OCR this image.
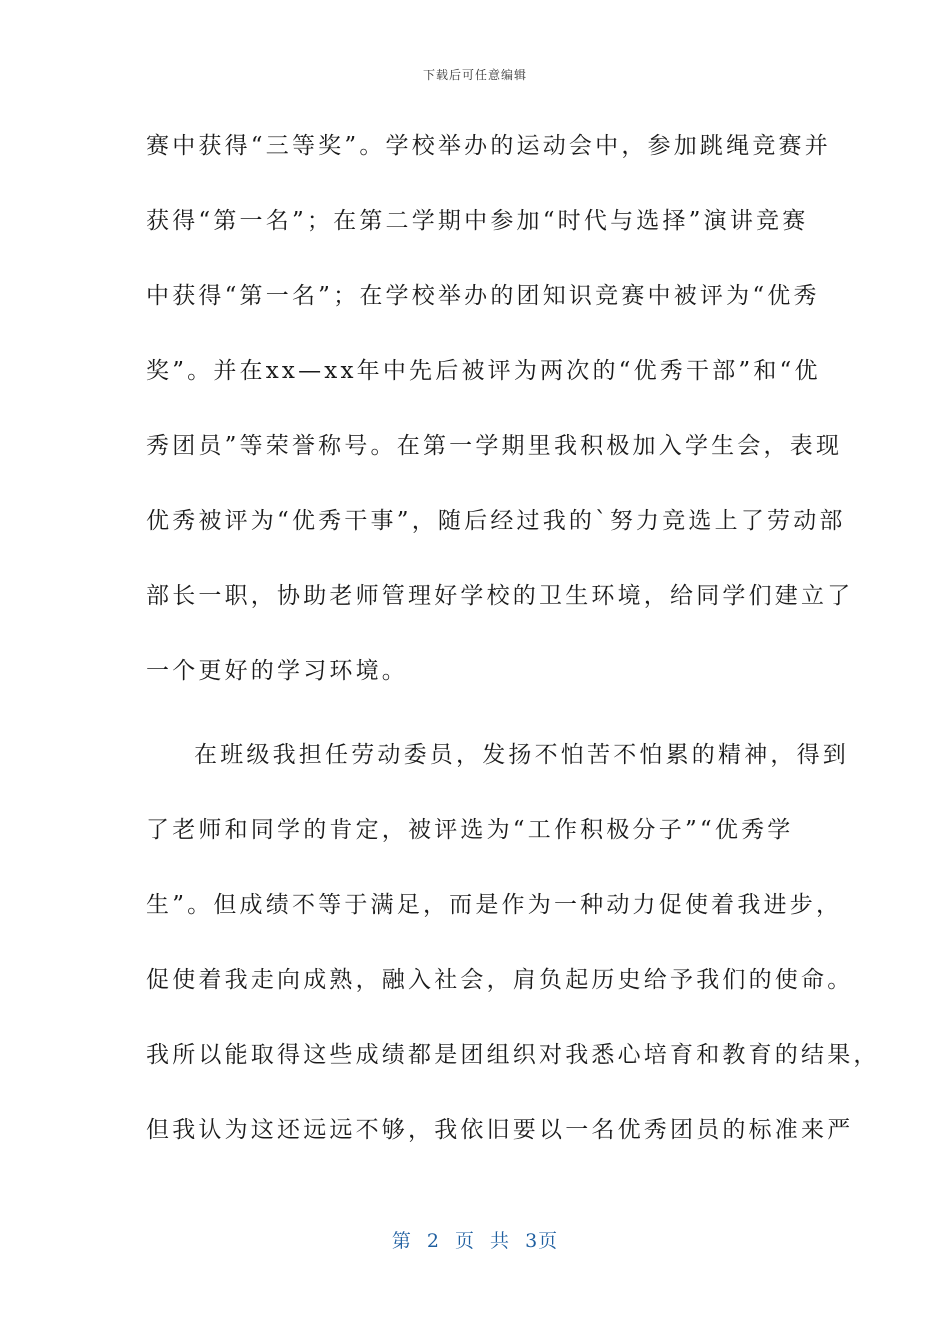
下载后可任意编辑
赛中获得“三等奖”。学校举办的运动会中，参加跳绳竞赛并
获得“第一名”；在第二学期中参加“时代与选择”演讲竞赛
中获得“第一名”；在学校举办的团知识竞赛中被评为“优秀
奖”。并在xx—xx年中先后被评为两次的“优秀干部”和“优
秀团员”等荣誉称号。在第一学期里我积极加入学生会，表现
优秀被评为“优秀干事”，随后经过我的`努力竞选上了劳动部
部长一职，协助老师管理好学校的卫生环境，给同学们建立了
一个更好的学习环境。
在班级我担任劳动委员，发扬不怕苦不怕累的精神，得到
了老师和同学的肯定，被评选为“工作积极分子”“优秀学
生”。但成绩不等于满足，而是作为一种动力促使着我进步，
促使着我走向成熟，融入社会，肩负起历史给予我们的使命。
我所以能取得这些成绩都是团组织对我悉心培育和教育的结果，
但我认为这还远远不够，我依旧要以一名优秀团员的标准来严
第 2 页 共 3页
